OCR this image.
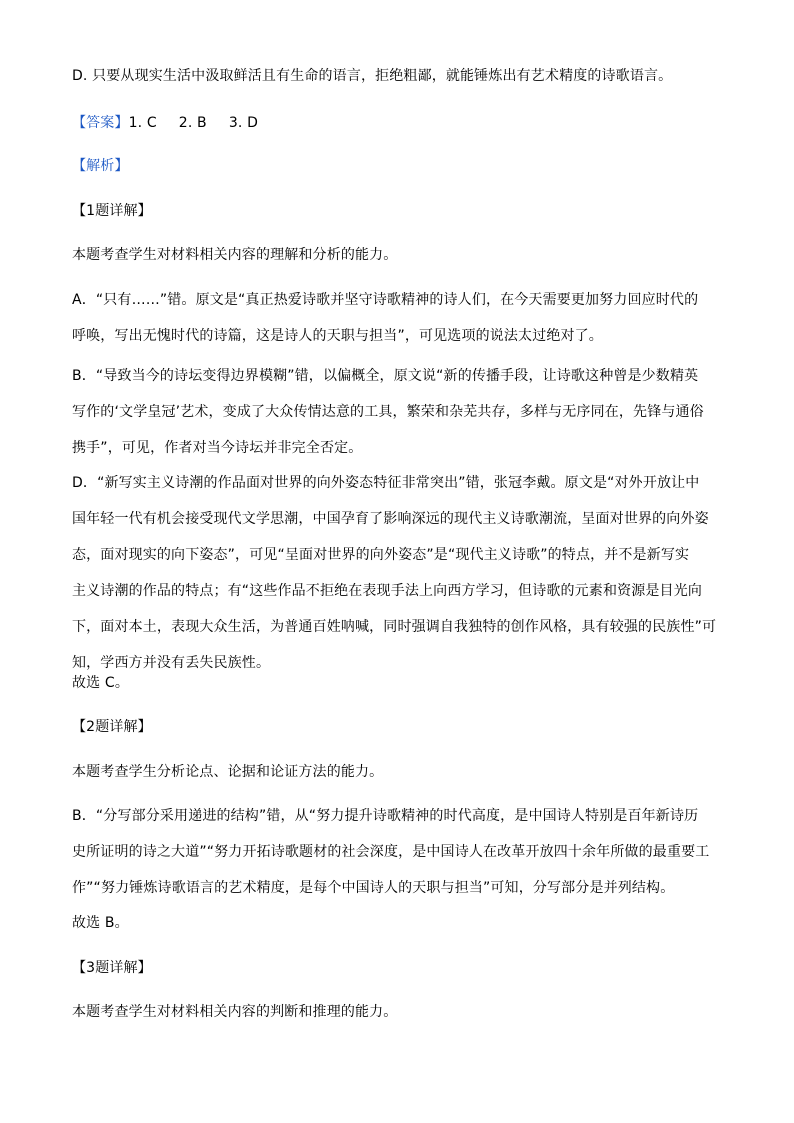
D. 只要从现实生活中汲取鲜活且有生命的语言，拒绝粗鄙，就能锤炼出有艺术精度的诗歌语言。
【答案】1. C 2. B 3. D
【解析】
【1题详解】
本题考查学生对材料相关内容的理解和分析的能力。
A．“只有……”错。原文是“真正热爱诗歌并坚守诗歌精神的诗人们，在今天需要更加努力回应时代的
呼唤，写出无愧时代的诗篇，这是诗人的天职与担当”，可见选项的说法太过绝对了。
B．“导致当今的诗坛变得边界模糊”错，以偏概全，原文说“新的传播手段，让诗歌这种曾是少数精英
写作的‘文学皇冠’艺术，变成了大众传情达意的工具，繁荣和杂芜共存，多样与无序同在，先锋与通俗
携手”，可见，作者对当今诗坛并非完全否定。
D．“新写实主义诗潮的作品面对世界的向外姿态特征非常突出”错，张冠李戴。原文是“对外开放让中
国年轻一代有机会接受现代文学思潮，中国孕育了影响深远的现代主义诗歌潮流，呈面对世界的向外姿
态，面对现实的向下姿态”，可见“呈面对世界的向外姿态”是“现代主义诗歌”的特点，并不是新写实
主义诗潮的作品的特点；有“这些作品不拒绝在表现手法上向西方学习，但诗歌的元素和资源是目光向
下，面对本土，表现大众生活，为普通百姓呐喊，同时强调自我独特的创作风格，具有较强的民族性”可
知，学西方并没有丢失民族性。
故选 C。
【2题详解】
本题考查学生分析论点、论据和论证方法的能力。
B．“分写部分采用递进的结构”错，从“努力提升诗歌精神的时代高度，是中国诗人特别是百年新诗历
史所证明的诗之大道”“努力开拓诗歌题材的社会深度，是中国诗人在改革开放四十余年所做的最重要工
作”“努力锤炼诗歌语言的艺术精度，是每个中国诗人的天职与担当”可知，分写部分是并列结构。
故选 B。
【3题详解】
本题考查学生对材料相关内容的判断和推理的能力。
